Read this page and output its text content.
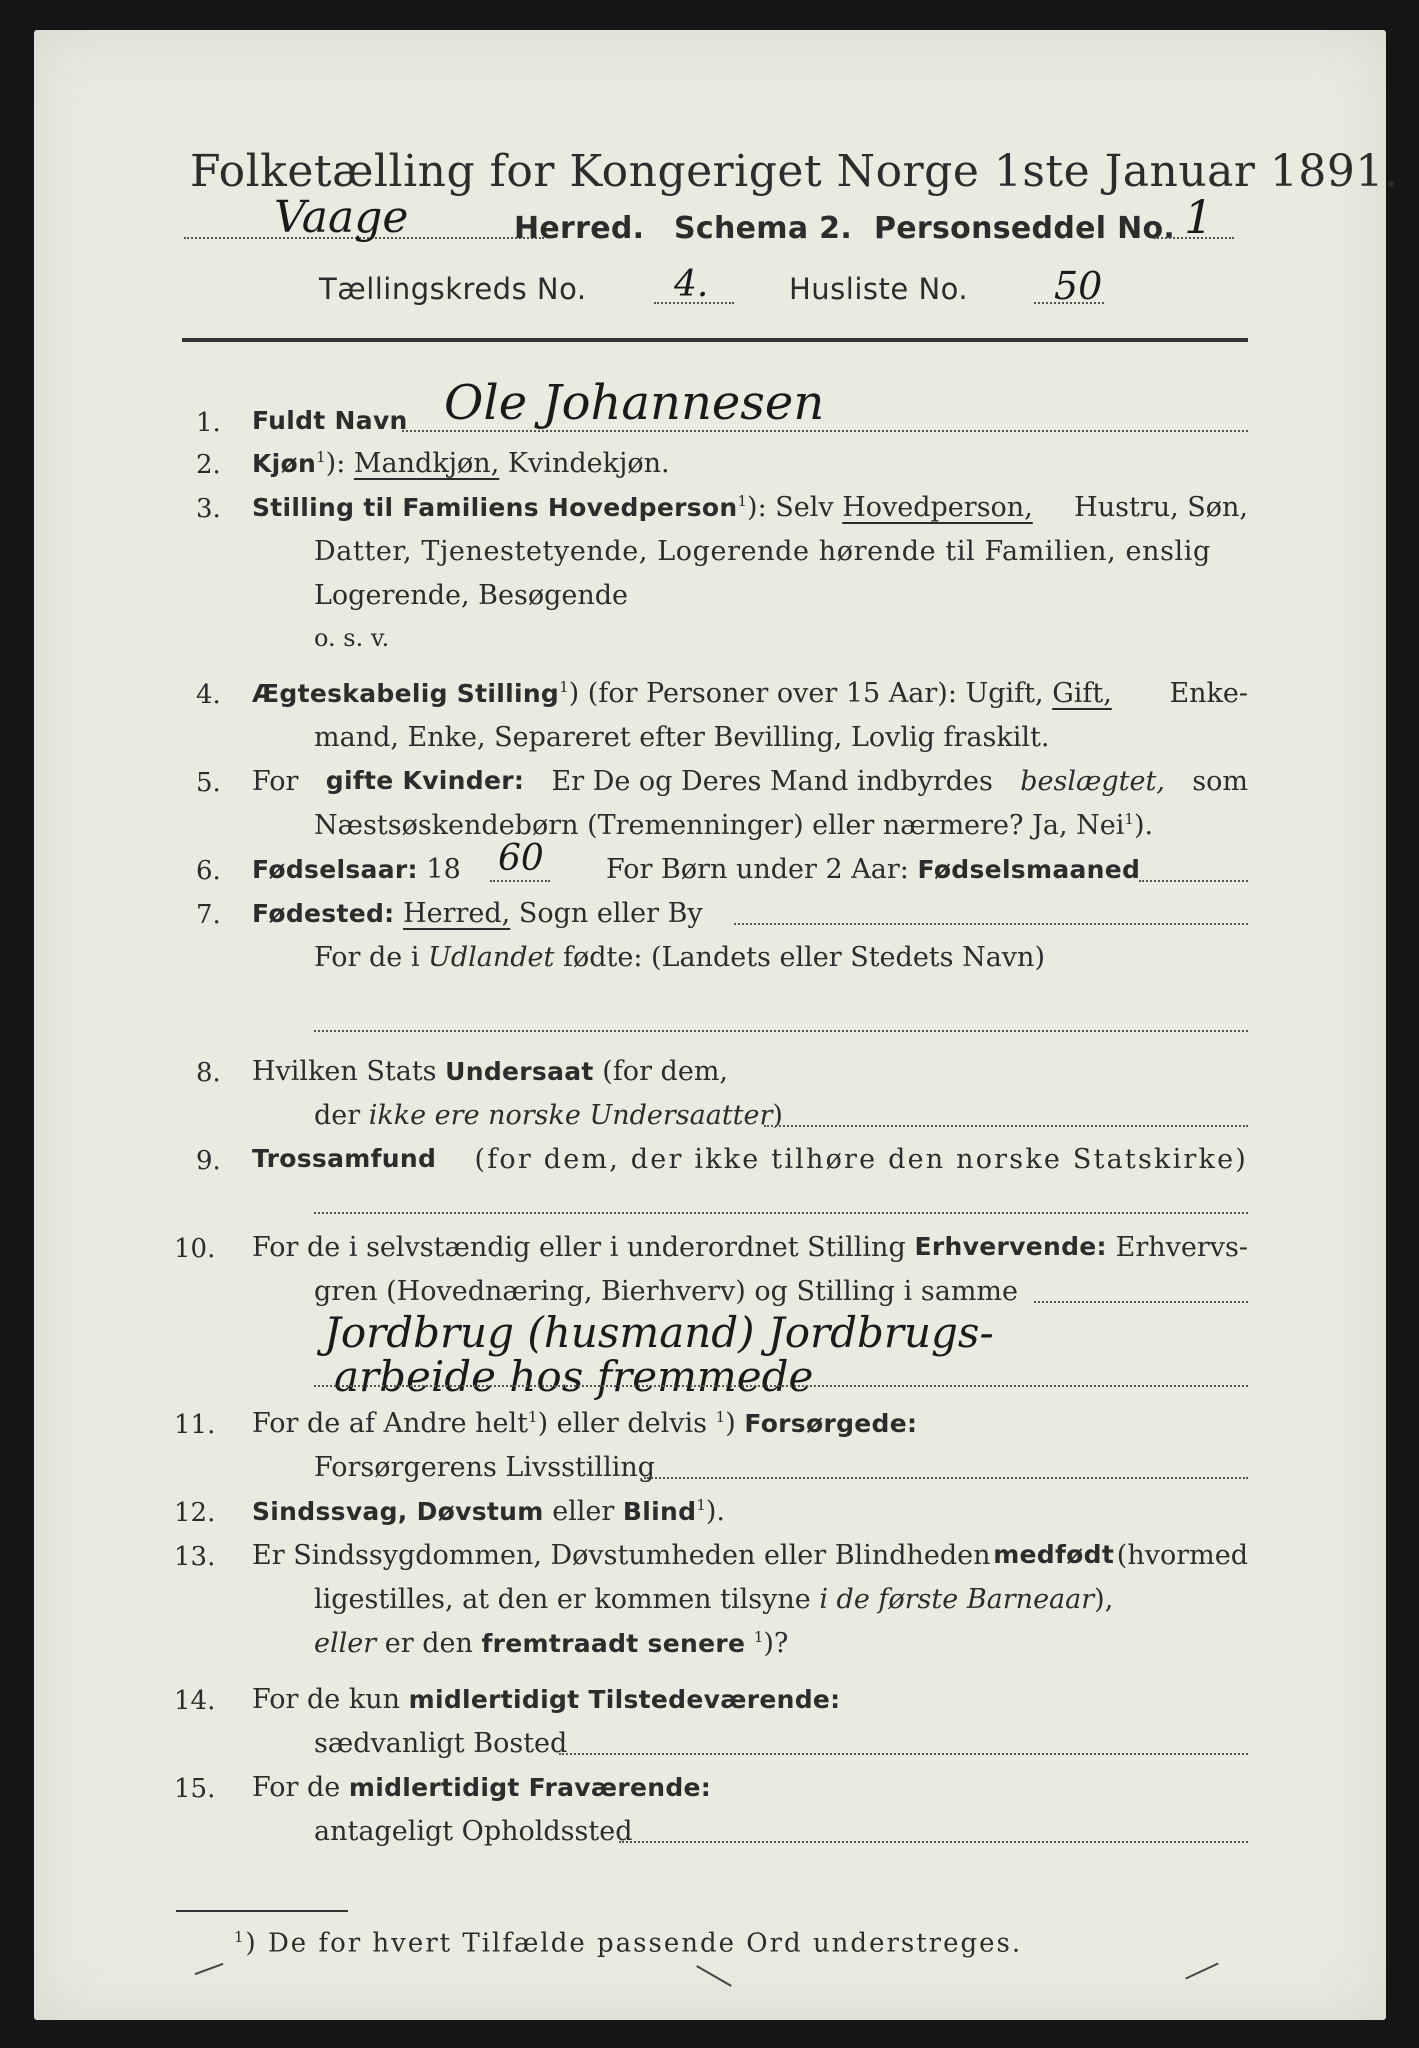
Folketælling for Kongeriget Norge 1ste Januar 1891.
Vaage	Herred. Schema 2. Personseddel No. 1
Tællingskreds No. 4.	Husliste No. 50
1. Fuldt Navn Ole Johannesen
2. Kjøn$^1$): Mandkjøn, Kvindekjøn.
3. Stilling til Familiens Hovedperson$^1$): Selv Hovedperson, Hustru, Søn,
Datter, Tjenestetyende, Logerende hørende til Familien, enslig
Logerende, Besøgende
o. s. v.
4. Ægteskabelig Stilling$^1$) (for Personer over 15 Aar): Ugift, Gift, Enke-
mand, Enke, Separeret efter Bevilling, Lovlig fraskilt.
5. For gifte Kvinder: Er De og Deres Mand indbyrdes beslægtet, som
Næstsøskendebørn (Tremenninger) eller nærmere? Ja, Nei$^1$).
6. Fødselsaar: 18 60 For Børn under 2 Aar: Fødselsmaaned
7. Fødested: Herred, Sogn eller By
For de i Udlandet fødte: (Landets eller Stedets Navn)
8. Hvilken Stats Undersaat (for dem,
der ikke ere norske Undersaatter)
9. Trossamfund (for dem, der ikke tilhøre den norske Statskirke)
10. For de i selvstændig eller i underordnet Stilling Erhvervende: Erhvervs-
gren (Hovednæring, Bierhverv) og Stilling i samme
Jordbrug (husmand) Jordbrugs-
arbeide hos fremmede
11. For de af Andre helt$^1$) eller delvis $^1$) Forsørgede:
Forsørgerens Livsstilling
12. Sindssvag, Døvstum eller Blind$^1$).
13. Er Sindssygdommen, Døvstumheden eller Blindheden medfødt (hvormed
ligestilles, at den er kommen tilsyne i de første Barneaar),
eller er den fremtraadt senere $^1$)?
14. For de kun midlertidigt Tilstedeværende:
sædvanligt Bosted
15. For de midlertidigt Fraværende:
antageligt Opholdssted
$^1$) De for hvert Tilfælde passende Ord understreges.
